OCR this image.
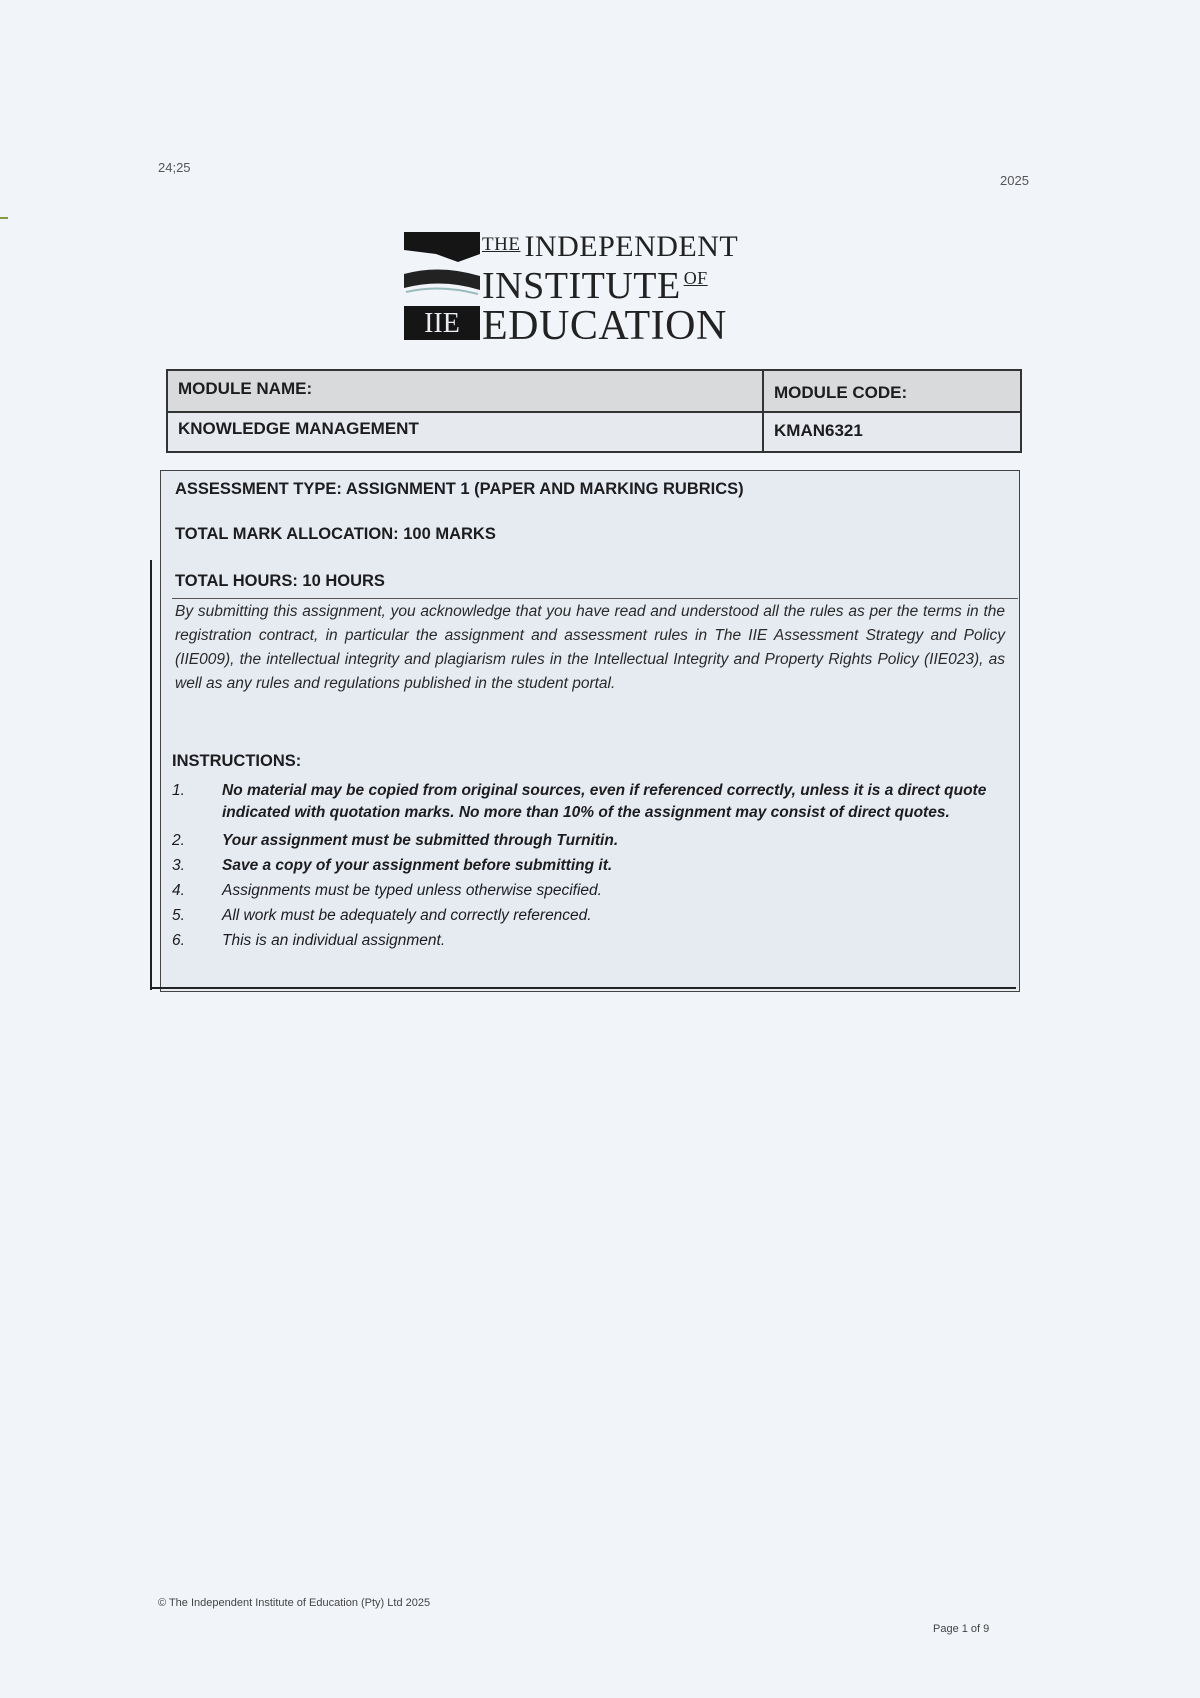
24;25
2025
IIE
$^{THE}$ INDEPENDENT
INSTITUTE $^{OF}$
EDUCATION
MODULE NAME:
KNOWLEDGE MANAGEMENT
MODULE CODE:
KMAN6321
ASSESSMENT TYPE: ASSIGNMENT 1 (PAPER AND MARKING RUBRICS)
TOTAL MARK ALLOCATION: 100 MARKS
TOTAL HOURS: 10 HOURS
By submitting this assignment, you acknowledge that you have read and understood all the rules as per the terms in the registration contract, in particular the assignment and assessment rules in The IIE Assessment Strategy and Policy (IIE009), the intellectual integrity and plagiarism rules in the Intellectual Integrity and Property Rights Policy (IIE023), as well as any rules and regulations published in the student portal.
INSTRUCTIONS:
1. No material may be copied from original sources, even if referenced correctly, unless it is a direct quote indicated with quotation marks. No more than 10% of the assignment may consist of direct quotes.
2. Your assignment must be submitted through Turnitin.
3. Save a copy of your assignment before submitting it.
4. Assignments must be typed unless otherwise specified.
5. All work must be adequately and correctly referenced.
6. This is an individual assignment.
© The Independent Institute of Education (Pty) Ltd 2025
Page 1 of 9
